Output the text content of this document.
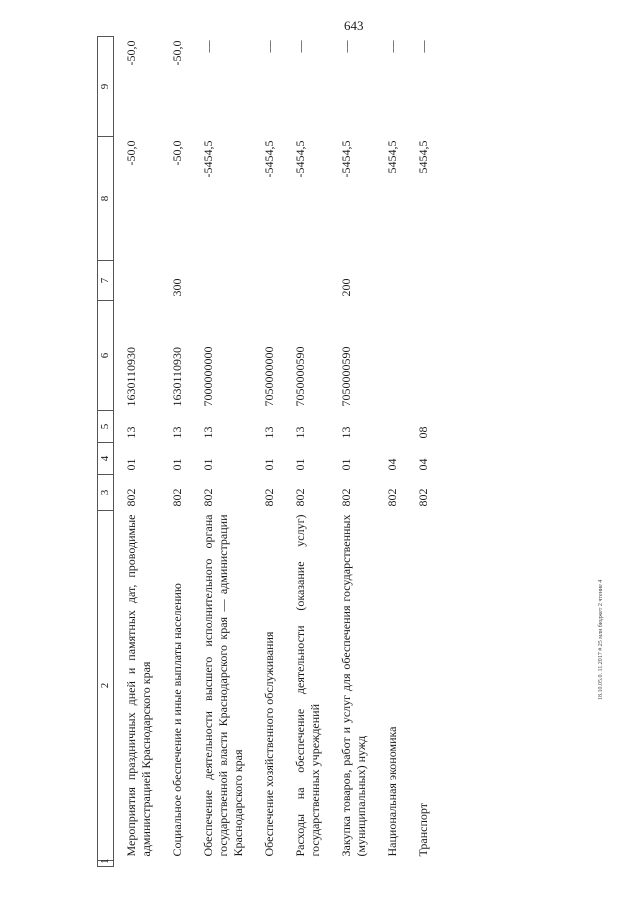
643
1	2	3	4	5	6	7	8	9
	Мероприятия праздничных дней и памятных дат, проводимые администрацией Краснодарского края	802	01	13	1630110930		-50,0	-50,0
	Социальное обеспечение и иные выплаты населению	802	01	13	1630110930	300	-50,0	-50,0
	Обеспечение деятельности высшего исполнительного органа государственной власти Краснодарского края — администрации Краснодарского края	802	01	13	7000000000		-5454,5	—
	Обеспечение хозяйственного обслуживания	802	01	13	7050000000		-5454,5	—
	Расходы на обеспечение деятельности (оказание услуг) государственных учреждений	802	01	13	7050000590		-5454,5	—
	Закупка товаров, работ и услуг для обеспечения государственных (муниципальных) нужд	802	01	13	7050000590	200	-5454,5	—
	Национальная экономика	802	04				5454,5	—
	Транспорт	802	04	08			5454,5	—
18.10.05.0. 11.2017 # 25 млн бюджет 2 чтение 4
